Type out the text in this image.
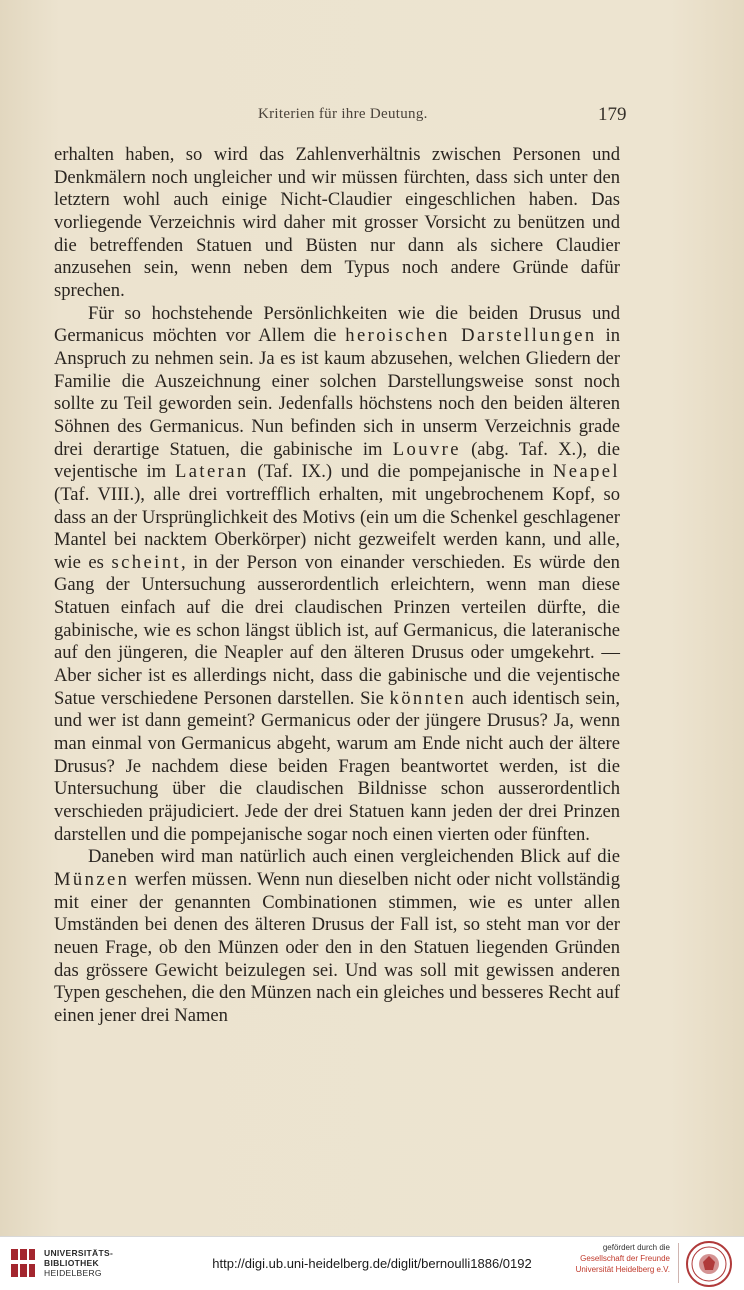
Kriterien für ihre Deutung.	179

erhalten haben, so wird das Zahlenverhältnis zwischen Personen und Denkmälern noch ungleicher und wir müssen fürchten, dass sich unter den letztern wohl auch einige Nicht-Claudier eingeschlichen haben. Das vorliegende Verzeichnis wird daher mit grosser Vorsicht zu benützen und die betreffenden Statuen und Büsten nur dann als sichere Claudier anzusehen sein, wenn neben dem Typus noch andere Gründe dafür sprechen.

Für so hochstehende Persönlichkeiten wie die beiden Drusus und Germanicus möchten vor Allem die heroischen Darstellungen in Anspruch zu nehmen sein. Ja es ist kaum abzusehen, welchen Gliedern der Familie die Auszeichnung einer solchen Darstellungsweise sonst noch sollte zu Teil geworden sein. Jedenfalls höchstens noch den beiden älteren Söhnen des Germanicus. Nun befinden sich in unserm Verzeichnis grade drei derartige Statuen, die gabinische im Louvre (abg. Taf. X.), die vejentische im Lateran (Taf. IX.) und die pompejanische in Neapel (Taf. VIII.), alle drei vortrefflich erhalten, mit ungebrochenem Kopf, so dass an der Ursprünglichkeit des Motivs (ein um die Schenkel geschlagener Mantel bei nacktem Oberkörper) nicht gezweifelt werden kann, und alle, wie es scheint, in der Person von einander verschieden. Es würde den Gang der Untersuchung ausserordentlich erleichtern, wenn man diese Statuen einfach auf die drei claudischen Prinzen verteilen dürfte, die gabinische, wie es schon längst üblich ist, auf Germanicus, die lateranische auf den jüngeren, die Neapler auf den älteren Drusus oder umgekehrt. — Aber sicher ist es allerdings nicht, dass die gabinische und die vejentische Satue verschiedene Personen darstellen. Sie könnten auch identisch sein, und wer ist dann gemeint? Germanicus oder der jüngere Drusus? Ja, wenn man einmal von Germanicus abgeht, warum am Ende nicht auch der ältere Drusus? Je nachdem diese beiden Fragen beantwortet werden, ist die Untersuchung über die claudischen Bildnisse schon ausserordentlich verschieden präjudiciert. Jede der drei Statuen kann jeden der drei Prinzen darstellen und die pompejanische sogar noch einen vierten oder fünften.

Daneben wird man natürlich auch einen vergleichenden Blick auf die Münzen werfen müssen. Wenn nun dieselben nicht oder nicht vollständig mit einer der genannten Combinationen stimmen, wie es unter allen Umständen bei denen des älteren Drusus der Fall ist, so steht man vor der neuen Frage, ob den Münzen oder den in den Statuen liegenden Gründen das grössere Gewicht beizulegen sei. Und was soll mit gewissen anderen Typen geschehen, die den Münzen nach ein gleiches und besseres Recht auf einen jener drei Namen

UNIVERSITÄTS-
BIBLIOTHEK
HEIDELBERG
http://digi.ub.uni-heidelberg.de/diglit/bernoulli1886/0192
gefördert durch die
Gesellschaft der Freunde
Universität Heidelberg e.V.
